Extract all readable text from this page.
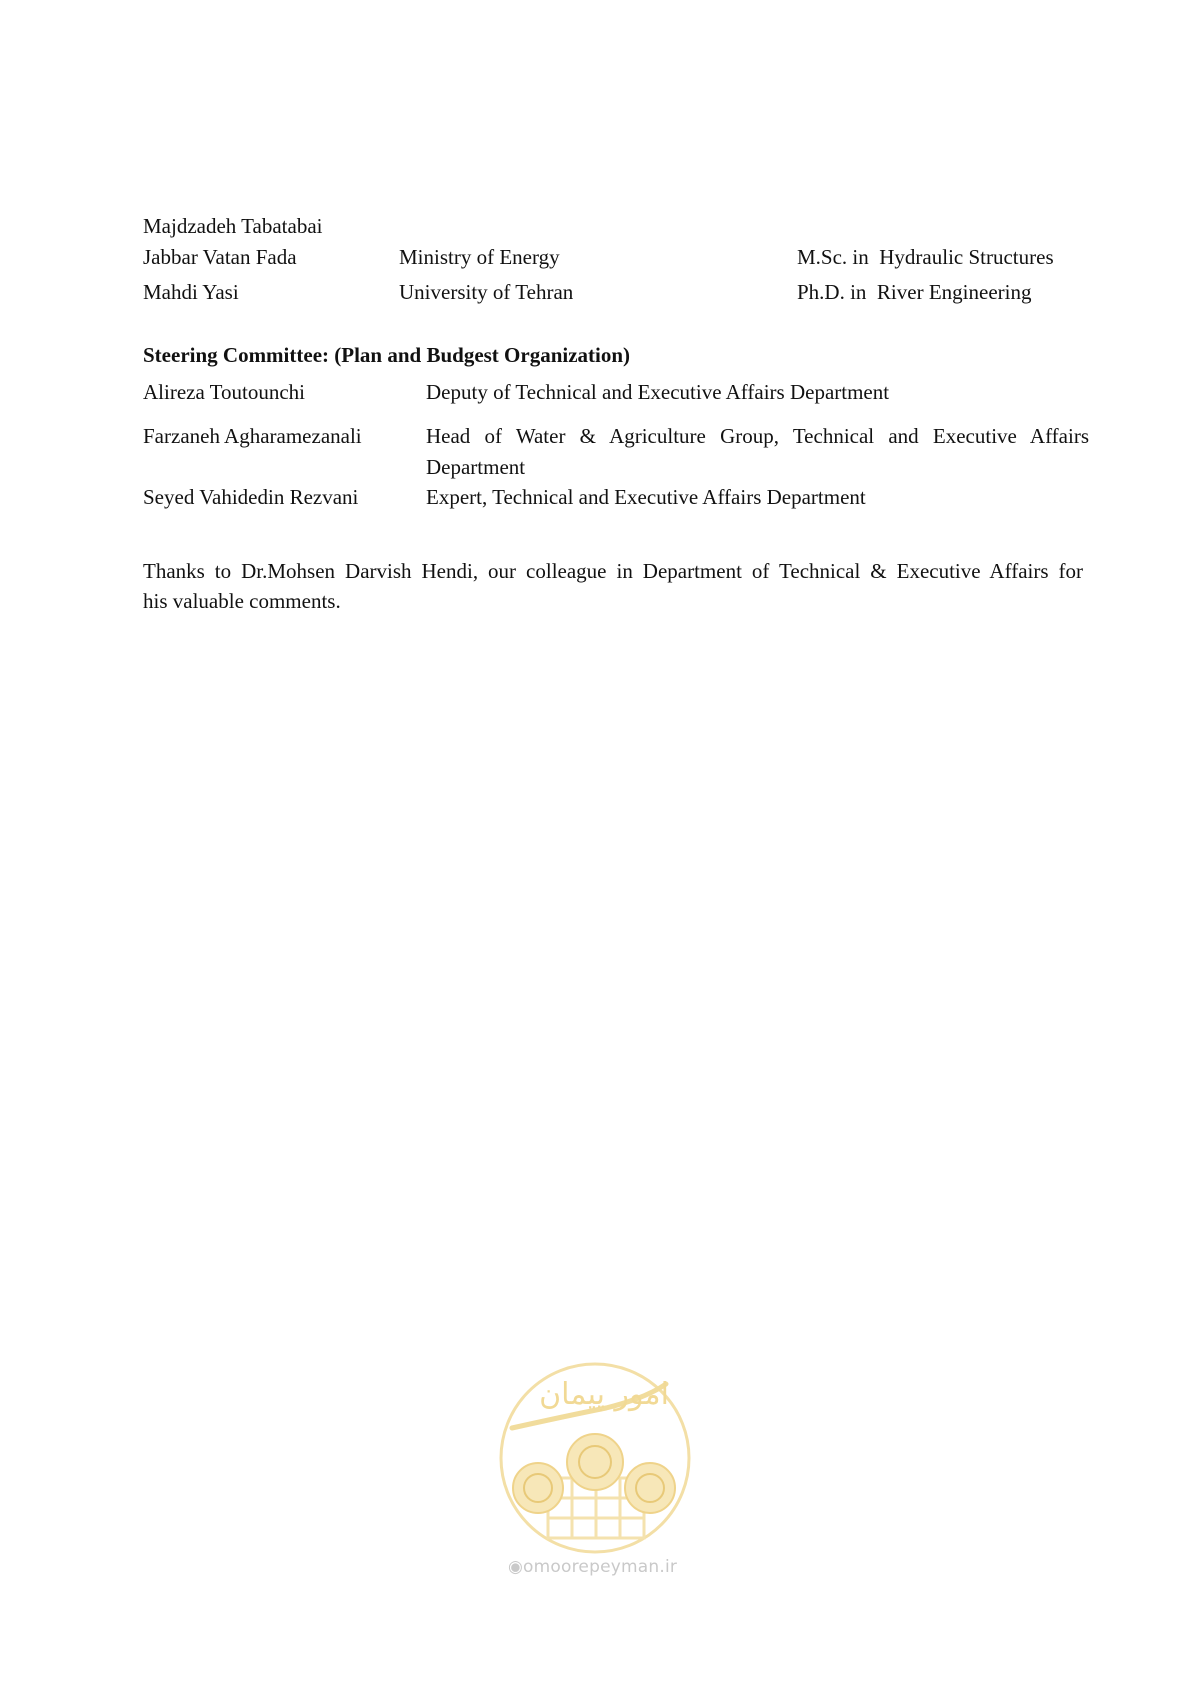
Majdzadeh Tabatabai
Jabbar Vatan Fada	Ministry of Energy	M.Sc. in  Hydraulic Structures
Mahdi Yasi	University of Tehran	Ph.D. in  River Engineering
Steering Committee: (Plan and Budgest Organization)
Alireza Toutounchi	Deputy of Technical and Executive Affairs Department
Farzaneh Agharamezanali	Head of Water & Agriculture Group, Technical and Executive Affairs
Department
Seyed Vahidedin Rezvani	Expert, Technical and Executive Affairs Department
Thanks to Dr.Mohsen Darvish Hendi, our colleague in Department of Technical & Executive Affairs for
his valuable comments.
امور پیمان
◉omoorepeyman.ir
